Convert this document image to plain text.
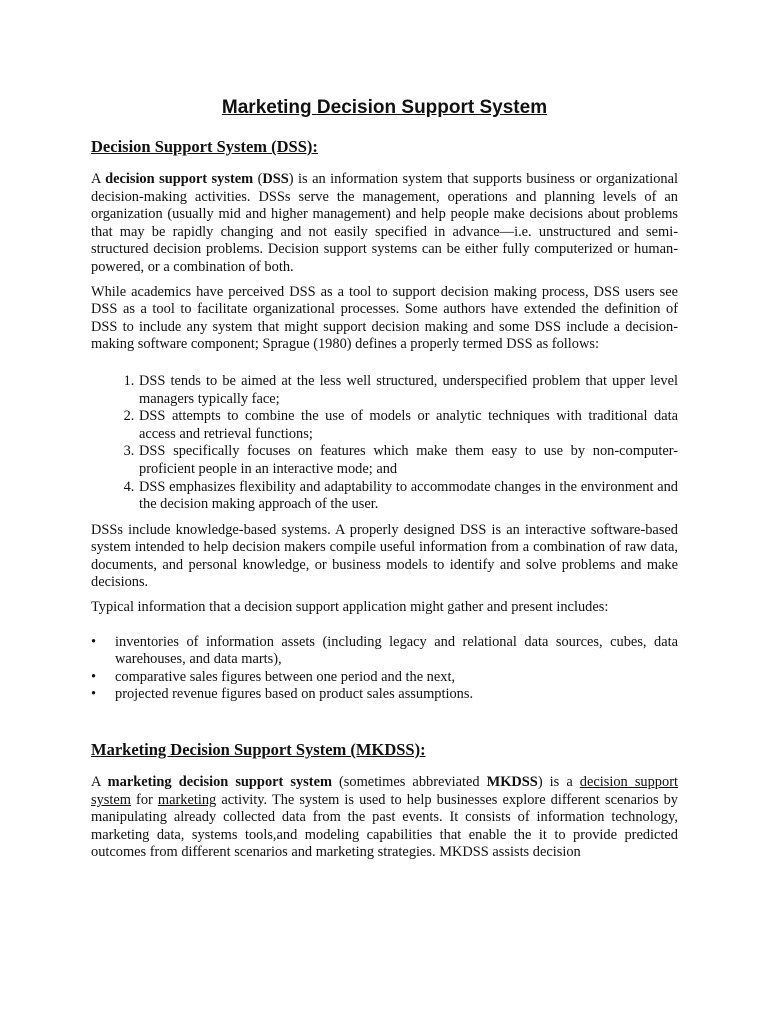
Marketing Decision Support System
Decision Support System (DSS):

A decision support system (DSS) is an information system that supports business or organizational decision-making activities. DSSs serve the management, operations and planning levels of an organization (usually mid and higher management) and help people make decisions about problems that may be rapidly changing and not easily specified in advance—i.e. unstructured and semi-structured decision problems. Decision support systems can be either fully computerized or human-powered, or a combination of both.

While academics have perceived DSS as a tool to support decision making process, DSS users see DSS as a tool to facilitate organizational processes. Some authors have extended the definition of DSS to include any system that might support decision making and some DSS include a decision-making software component; Sprague (1980) defines a properly termed DSS as follows:

1. DSS tends to be aimed at the less well structured, underspecified problem that upper level managers typically face;
2. DSS attempts to combine the use of models or analytic techniques with traditional data access and retrieval functions;
3. DSS specifically focuses on features which make them easy to use by non-computer-proficient people in an interactive mode; and
4. DSS emphasizes flexibility and adaptability to accommodate changes in the environment and the decision making approach of the user.

DSSs include knowledge-based systems. A properly designed DSS is an interactive software-based system intended to help decision makers compile useful information from a combination of raw data, documents, and personal knowledge, or business models to identify and solve problems and make decisions.

Typical information that a decision support application might gather and present includes:

• inventories of information assets (including legacy and relational data sources, cubes, data warehouses, and data marts),
• comparative sales figures between one period and the next,
• projected revenue figures based on product sales assumptions.
Marketing Decision Support System (MKDSS):

A marketing decision support system (sometimes abbreviated MKDSS) is a decision support system for marketing activity. The system is used to help businesses explore different scenarios by manipulating already collected data from the past events. It consists of information technology, marketing data, systems tools,and modeling capabilities that enable the it to provide predicted outcomes from different scenarios and marketing strategies. MKDSS assists decision
